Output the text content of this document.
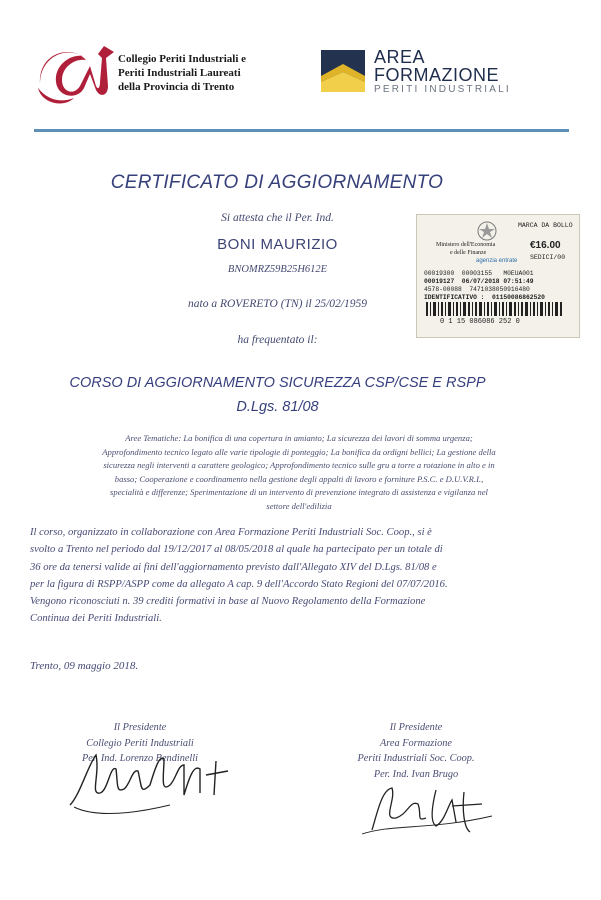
Collegio Periti Industriali e
Periti Industriali Laureati
della Provincia di Trento
AREA
FORMAZIONE
PERITI INDUSTRIALI
CERTIFICATO DI AGGIORNAMENTO
Si attesta che il Per. Ind.
BONI MAURIZIO
BNOMRZ59B25H612E
nato a ROVERETO (TN) il 25/02/1959
ha frequentato il:
CORSO DI AGGIORNAMENTO SICUREZZA CSP/CSE E RSPP
D.Lgs. 81/08
Aree Tematiche: La bonifica di una copertura in amianto; La sicurezza dei lavori di somma urgenza;
Approfondimento tecnico legato alle varie tipologie di ponteggio; La bonifica da ordigni bellici; La gestione della
sicurezza negli interventi a carattere geologico; Approfondimento tecnico sulle gru a torre a rotazione in alto e in
basso; Cooperazione e coordinamento nella gestione degli appalti di lavoro e forniture P.S.C. e D.U.V.R.I.,
specialità e differenze; Sperimentazione di un intervento di prevenzione integrato di assistenza e vigilanza nel
settore dell'edilizia
Il corso, organizzato in collaborazione con Area Formazione Periti Industriali Soc. Coop., si è
svolto a Trento nel periodo dal 19/12/2017 al 08/05/2018 al quale ha partecipato per un totale di
36 ore da tenersi valide ai fini dell'aggiornamento previsto dall'Allegato XIV del D.Lgs. 81/08 e
per la figura di RSPP/ASPP come da allegato A cap. 9 dell'Accordo Stato Regioni del 07/07/2016.
Vengono riconosciuti n. 39 crediti formativi in base al Nuovo Regolamento della Formazione
Continua dei Periti Industriali.
Trento, 09 maggio 2018.
Il Presidente
Collegio Periti Industriali
Per. Ind. Lorenzo Bendinelli
Il Presidente
Area Formazione
Periti Industriali Soc. Coop.
Per. Ind. Ivan Brugo
MARCA DA BOLLO
Ministero dell'Economia
e delle Finanze
€16.00
SEDICI/00
agenzia entrate
00019300  00003155   M0EUA001
00019127  06/07/2018 07:51:49
4578-00088  7471038050916480
IDENTIFICATIVO :  01150086862520
0 1 15 086086 252 0
